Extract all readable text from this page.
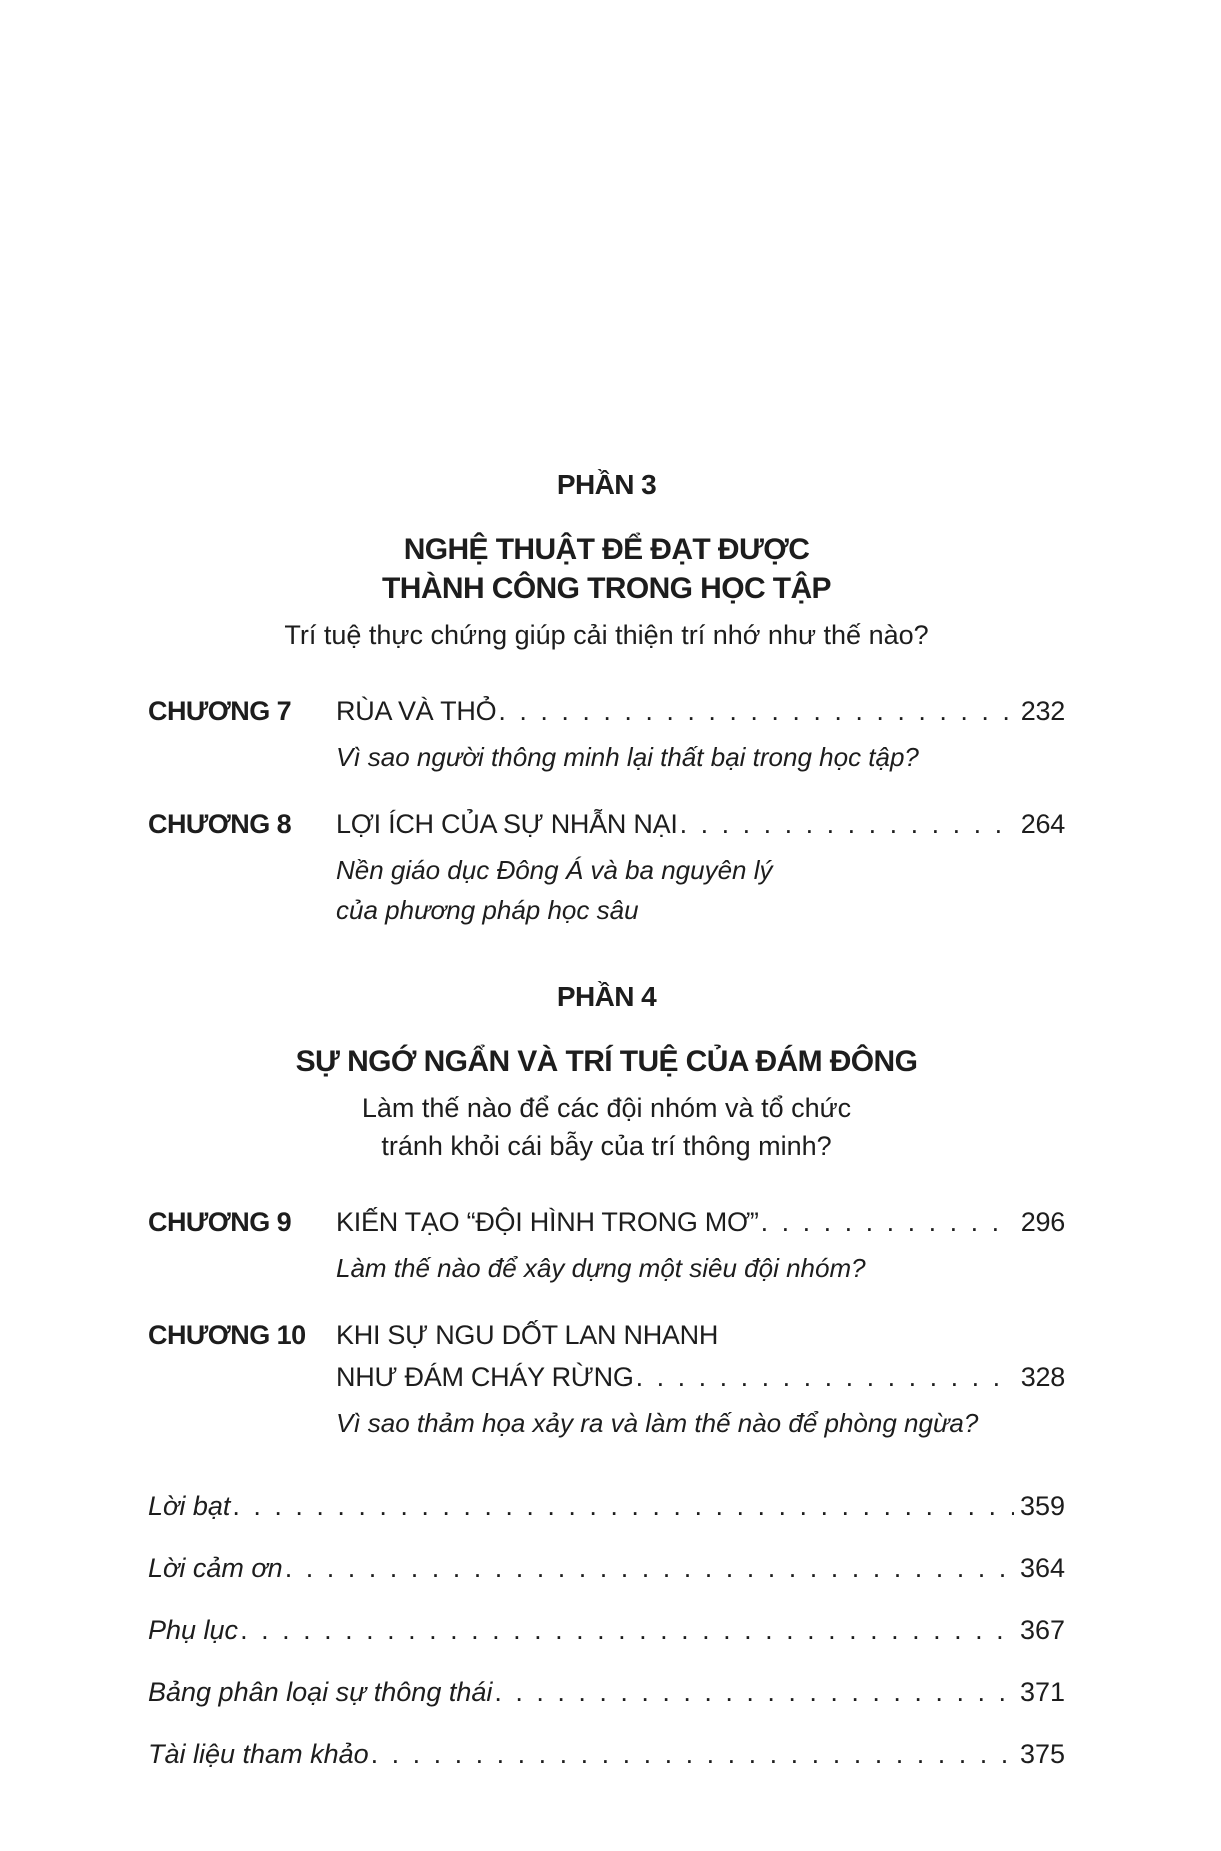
PHẦN 3
NGHỆ THUẬT ĐỂ ĐẠT ĐƯỢC
THÀNH CÔNG TRONG HỌC TẬP
Trí tuệ thực chứng giúp cải thiện trí nhớ như thế nào?
CHƯƠNG 7	RÙA VÀ THỎ . . .	232
Vì sao người thông minh lại thất bại trong học tập?
CHƯƠNG 8	LỢI ÍCH CỦA SỰ NHẪN NẠI . . .	264
Nền giáo dục Đông Á và ba nguyên lý
của phương pháp học sâu
PHẦN 4
SỰ NGỚ NGẨN VÀ TRÍ TUỆ CỦA ĐÁM ĐÔNG
Làm thế nào để các đội nhóm và tổ chức
tránh khỏi cái bẫy của trí thông minh?
CHƯƠNG 9	KIẾN TẠO “ĐỘI HÌNH TRONG MƠ” . . .	296
Làm thế nào để xây dựng một siêu đội nhóm?
CHƯƠNG 10	KHI SỰ NGU DỐT LAN NHANH
NHƯ ĐÁM CHÁY RỪNG . . .	328
Vì sao thảm họa xảy ra và làm thế nào để phòng ngừa?
Lời bạt . . .	359
Lời cảm ơn . . .	364
Phụ lục . . .	367
Bảng phân loại sự thông thái . . .	371
Tài liệu tham khảo . . .	375
